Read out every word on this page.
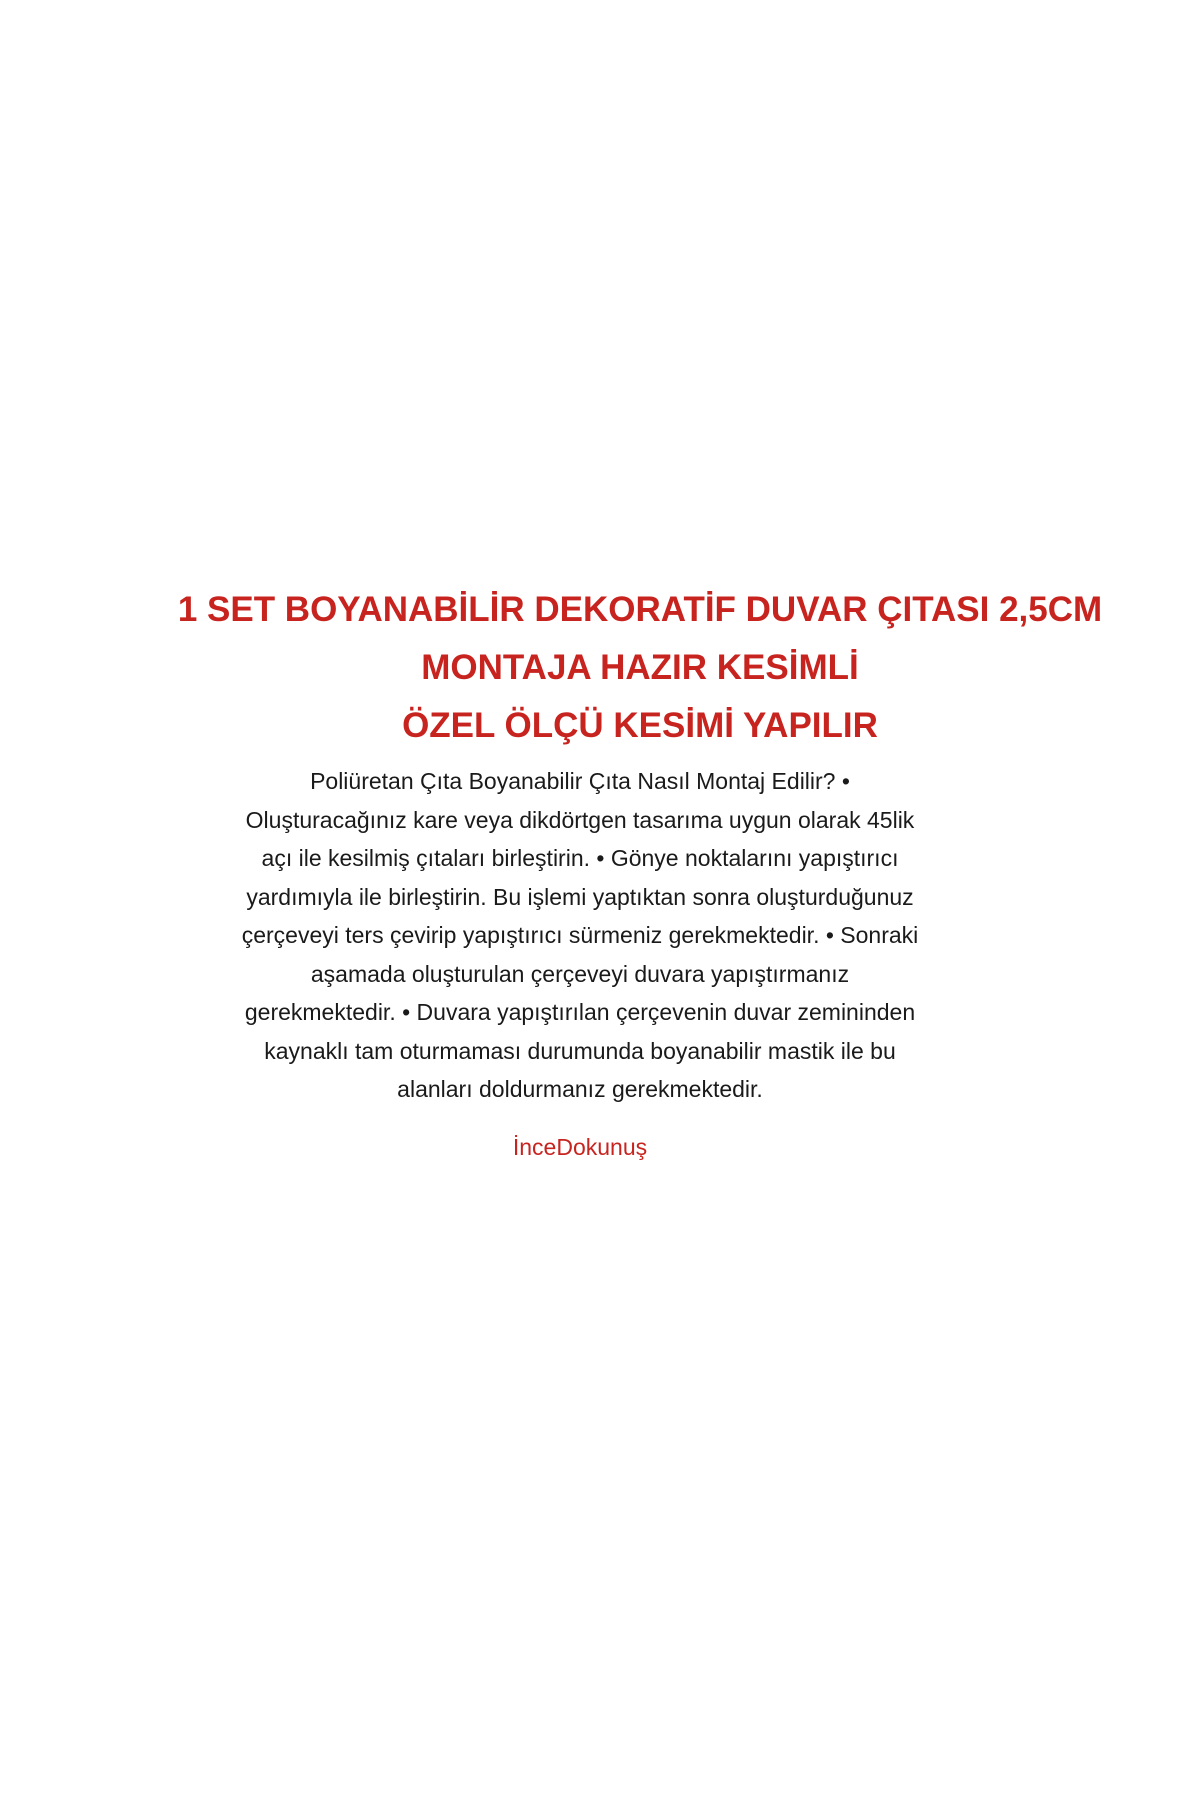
1 SET BOYANABİLİR DEKORATİF DUVAR ÇITASI 2,5CM
MONTAJA HAZIR KESİMLİ
ÖZEL ÖLÇÜ KESİMİ YAPILIR
Poliüretan Çıta Boyanabilir Çıta Nasıl Montaj Edilir? •
Oluşturacağınız kare veya dikdörtgen tasarıma uygun olarak 45lik
açı ile kesilmiş çıtaları birleştirin. • Gönye noktalarını yapıştırıcı
yardımıyla ile birleştirin. Bu işlemi yaptıktan sonra oluşturduğunuz
çerçeveyi ters çevirip yapıştırıcı sürmeniz gerekmektedir. • Sonraki
aşamada oluşturulan çerçeveyi duvara yapıştırmanız
gerekmektedir. • Duvara yapıştırılan çerçevenin duvar zemininden
kaynaklı tam oturmaması durumunda boyanabilir mastik ile bu
alanları doldurmanız gerekmektedir.
İnceDokunuş
